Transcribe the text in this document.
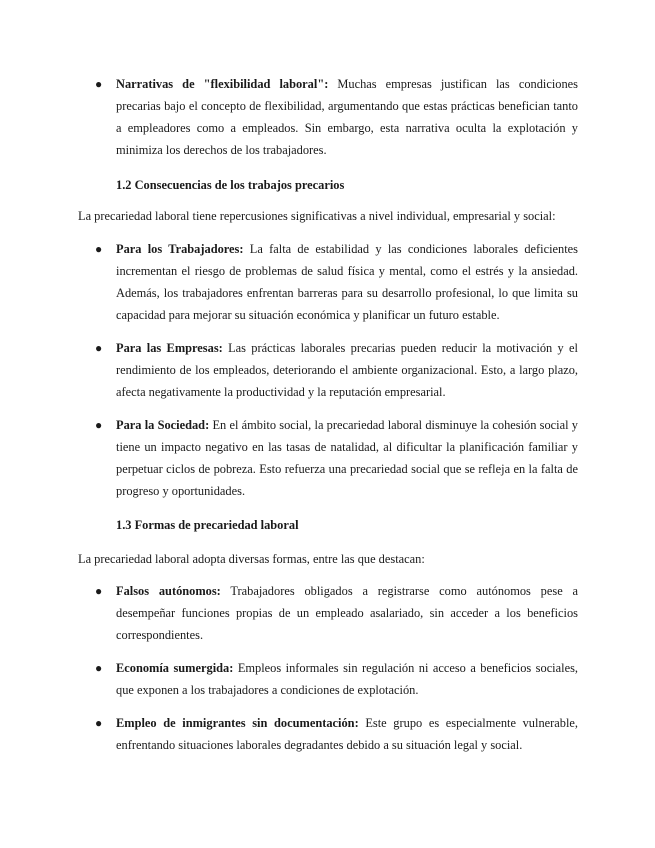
● Narrativas de "flexibilidad laboral": Muchas empresas justifican las condiciones precarias bajo el concepto de flexibilidad, argumentando que estas prácticas benefician tanto a empleadores como a empleados. Sin embargo, esta narrativa oculta la explotación y minimiza los derechos de los trabajadores.
1.2 Consecuencias de los trabajos precarios
La precariedad laboral tiene repercusiones significativas a nivel individual, empresarial y social:
● Para los Trabajadores: La falta de estabilidad y las condiciones laborales deficientes incrementan el riesgo de problemas de salud física y mental, como el estrés y la ansiedad. Además, los trabajadores enfrentan barreras para su desarrollo profesional, lo que limita su capacidad para mejorar su situación económica y planificar un futuro estable.
● Para las Empresas: Las prácticas laborales precarias pueden reducir la motivación y el rendimiento de los empleados, deteriorando el ambiente organizacional. Esto, a largo plazo, afecta negativamente la productividad y la reputación empresarial.
● Para la Sociedad: En el ámbito social, la precariedad laboral disminuye la cohesión social y tiene un impacto negativo en las tasas de natalidad, al dificultar la planificación familiar y perpetuar ciclos de pobreza. Esto refuerza una precariedad social que se refleja en la falta de progreso y oportunidades.
1.3 Formas de precariedad laboral
La precariedad laboral adopta diversas formas, entre las que destacan:
● Falsos autónomos: Trabajadores obligados a registrarse como autónomos pese a desempeñar funciones propias de un empleado asalariado, sin acceder a los beneficios correspondientes.
● Economía sumergida: Empleos informales sin regulación ni acceso a beneficios sociales, que exponen a los trabajadores a condiciones de explotación.
● Empleo de inmigrantes sin documentación: Este grupo es especialmente vulnerable, enfrentando situaciones laborales degradantes debido a su situación legal y social.
